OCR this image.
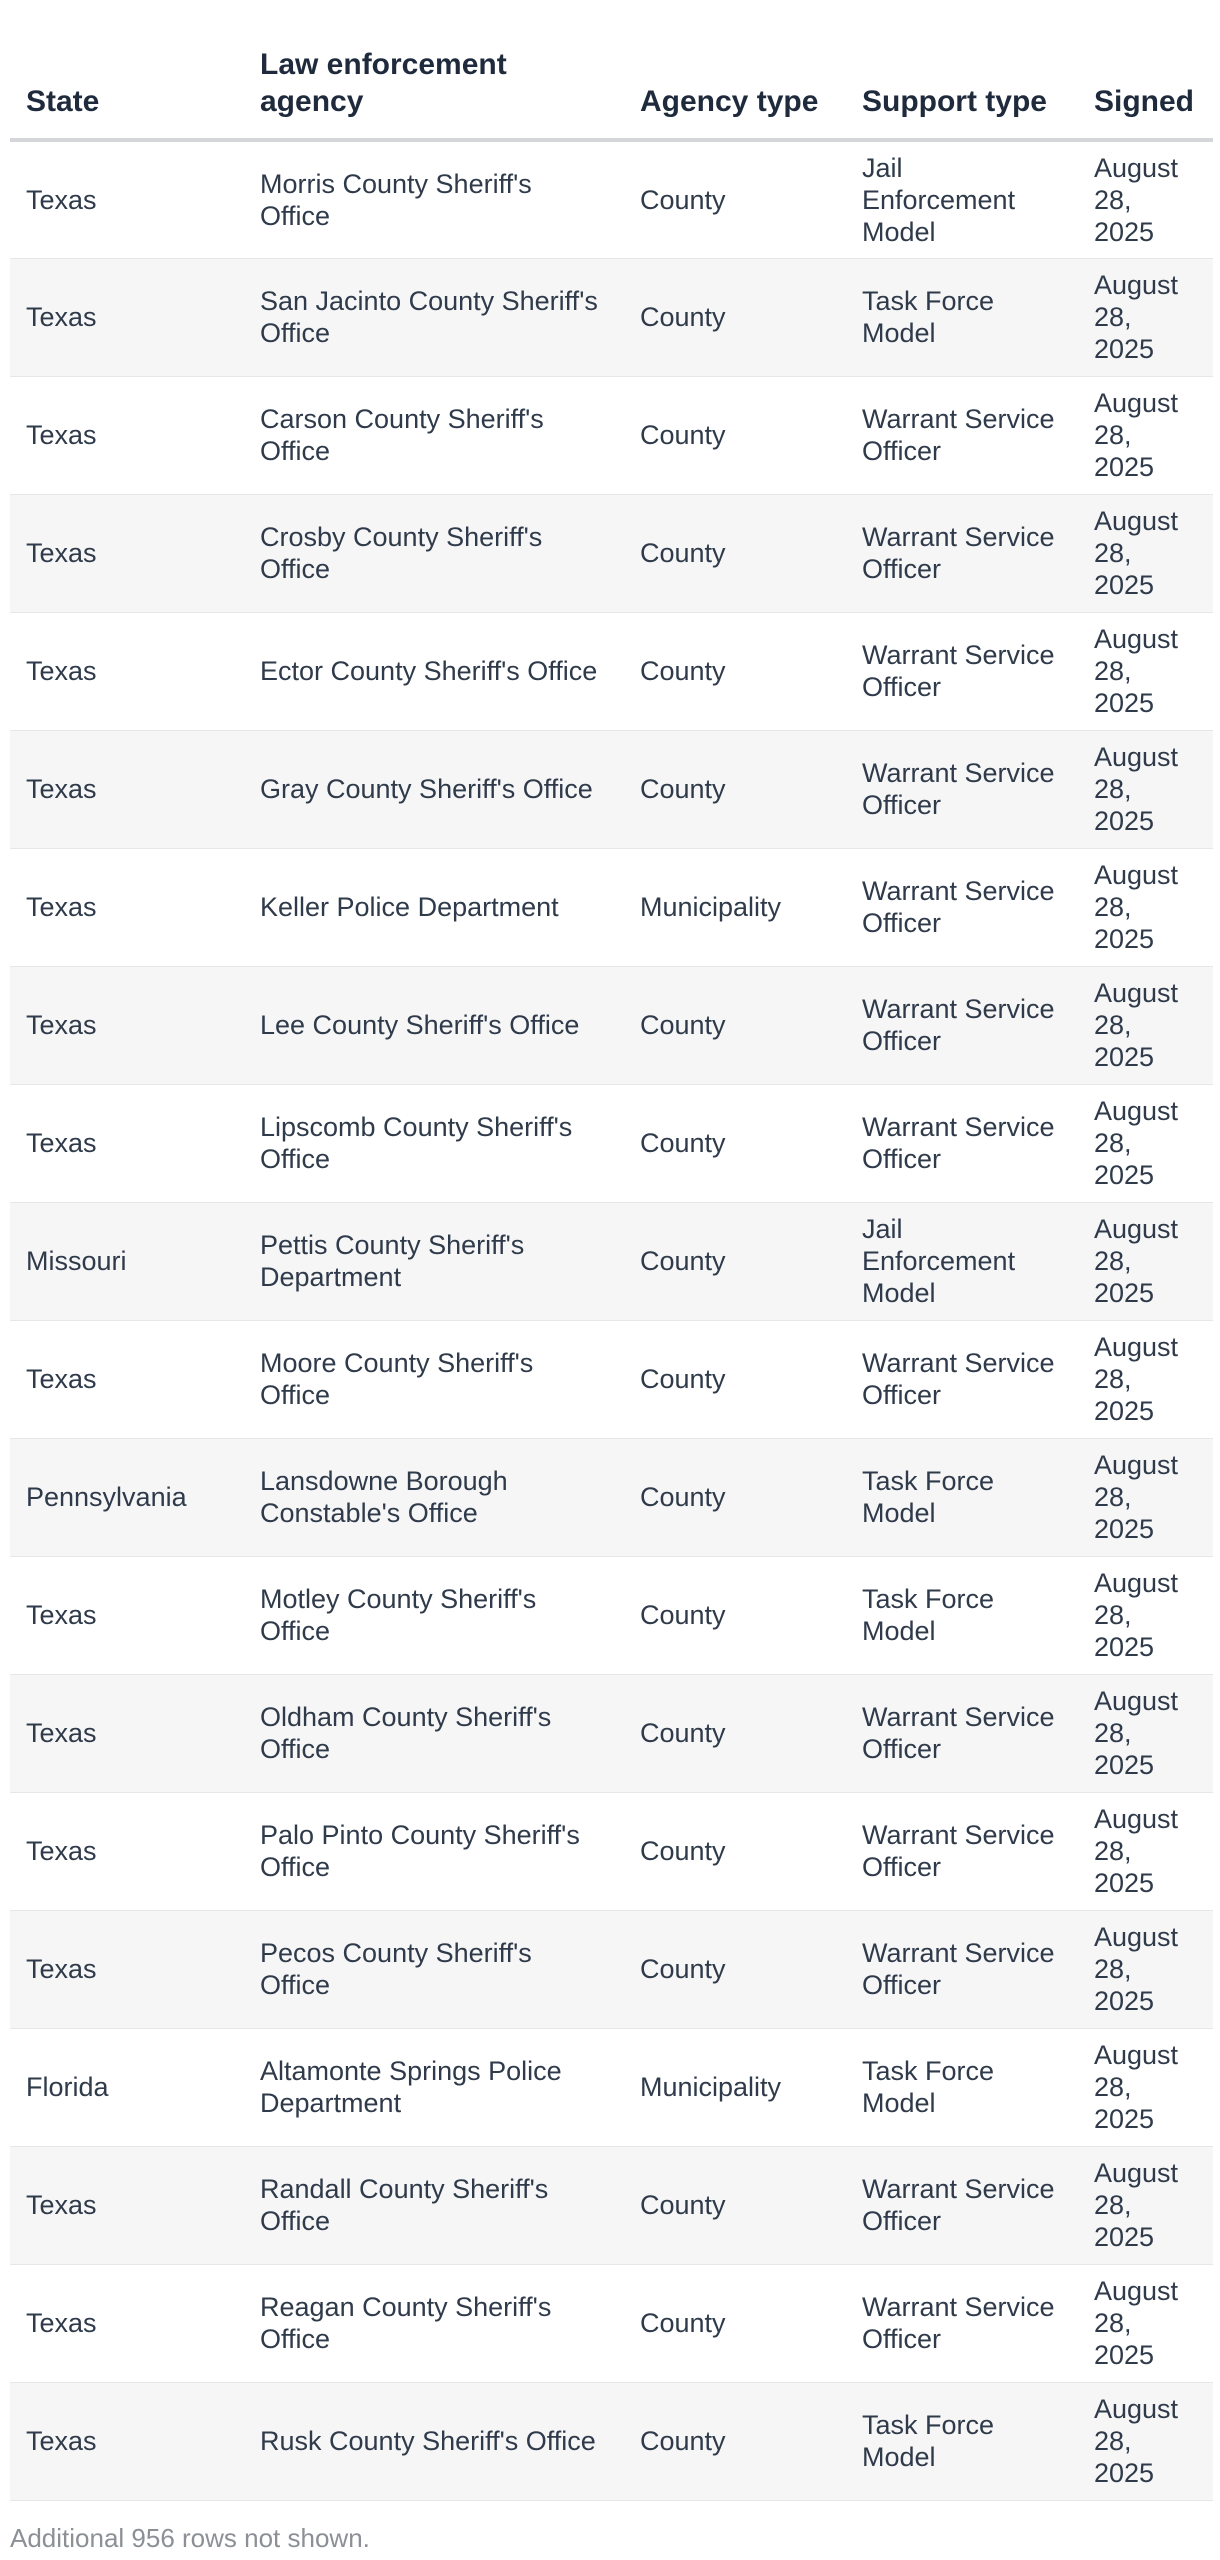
State	Law enforcement agency	Agency type	Support type	Signed
Texas	Morris County Sheriff's Office	County	Jail Enforcement Model	August 28, 2025
Texas	San Jacinto County Sheriff's Office	County	Task Force Model	August 28, 2025
Texas	Carson County Sheriff's Office	County	Warrant Service Officer	August 28, 2025
Texas	Crosby County Sheriff's Office	County	Warrant Service Officer	August 28, 2025
Texas	Ector County Sheriff's Office	County	Warrant Service Officer	August 28, 2025
Texas	Gray County Sheriff's Office	County	Warrant Service Officer	August 28, 2025
Texas	Keller Police Department	Municipality	Warrant Service Officer	August 28, 2025
Texas	Lee County Sheriff's Office	County	Warrant Service Officer	August 28, 2025
Texas	Lipscomb County Sheriff's Office	County	Warrant Service Officer	August 28, 2025
Missouri	Pettis County Sheriff's Department	County	Jail Enforcement Model	August 28, 2025
Texas	Moore County Sheriff's Office	County	Warrant Service Officer	August 28, 2025
Pennsylvania	Lansdowne Borough Constable's Office	County	Task Force Model	August 28, 2025
Texas	Motley County Sheriff's Office	County	Task Force Model	August 28, 2025
Texas	Oldham County Sheriff's Office	County	Warrant Service Officer	August 28, 2025
Texas	Palo Pinto County Sheriff's Office	County	Warrant Service Officer	August 28, 2025
Texas	Pecos County Sheriff's Office	County	Warrant Service Officer	August 28, 2025
Florida	Altamonte Springs Police Department	Municipality	Task Force Model	August 28, 2025
Texas	Randall County Sheriff's Office	County	Warrant Service Officer	August 28, 2025
Texas	Reagan County Sheriff's Office	County	Warrant Service Officer	August 28, 2025
Texas	Rusk County Sheriff's Office	County	Task Force Model	August 28, 2025
Additional 956 rows not shown.
